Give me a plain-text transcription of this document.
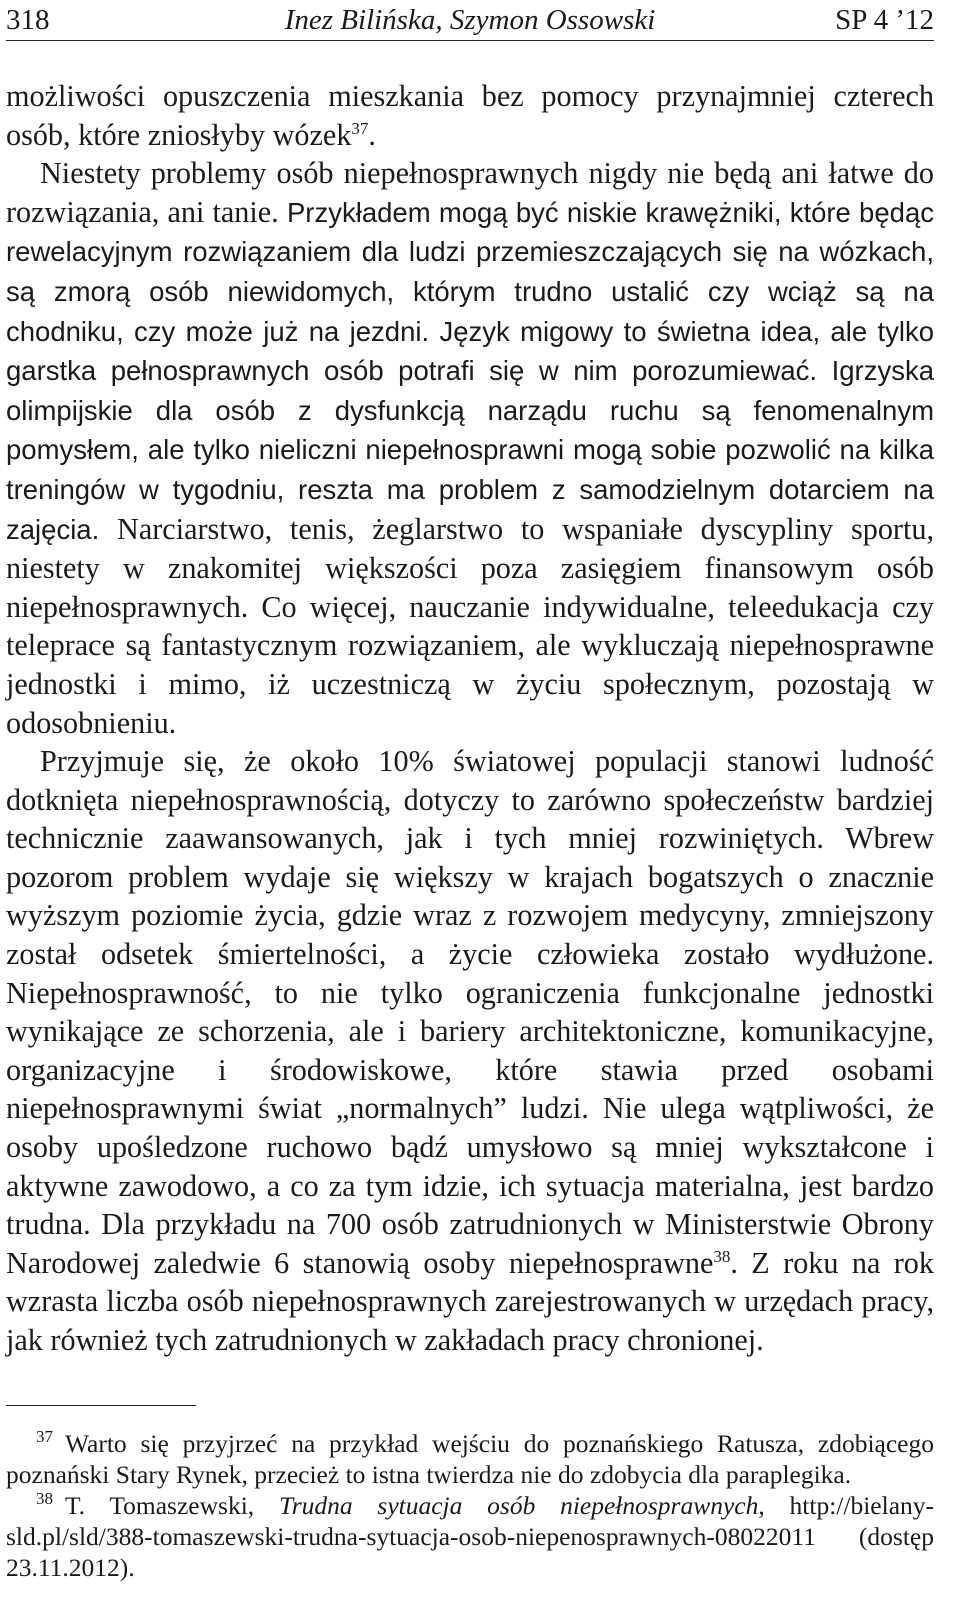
318	Inez Bilińska, Szymon Ossowski	SP 4 ’12

możliwości opuszczenia mieszkania bez pomocy przynajmniej czterech osób, które zniosłyby wózek$^{37}$.

Niestety problemy osób niepełnosprawnych nigdy nie będą ani łatwe do rozwiązania, ani tanie. Przykładem mogą być niskie krawężniki, które będąc rewelacyjnym rozwiązaniem dla ludzi przemieszczających się na wózkach, są zmorą osób niewidomych, którym trudno ustalić czy wciąż są na chodniku, czy może już na jezdni. Język migowy to świetna idea, ale tylko garstka pełnosprawnych osób potrafi się w nim porozumiewać. Igrzyska olimpijskie dla osób z dysfunkcją narządu ruchu są fenomenalnym pomysłem, ale tylko nieliczni niepełnosprawni mogą sobie pozwolić na kilka treningów w tygodniu, reszta ma problem z samodzielnym dotarciem na zajęcia. Narciarstwo, tenis, żeglarstwo to wspaniałe dyscypliny sportu, niestety w znakomitej większości poza zasięgiem finansowym osób niepełnosprawnych. Co więcej, nauczanie indywidualne, teleedukacja czy teleprace są fantastycznym rozwiązaniem, ale wykluczają niepełnosprawne jednostki i mimo, iż uczestniczą w życiu społecznym, pozostają w odosobnieniu.

Przyjmuje się, że około 10% światowej populacji stanowi ludność dotknięta niepełnosprawnością, dotyczy to zarówno społeczeństw bardziej technicznie zaawansowanych, jak i tych mniej rozwiniętych. Wbrew pozorom problem wydaje się większy w krajach bogatszych o znacznie wyższym poziomie życia, gdzie wraz z rozwojem medycyny, zmniejszony został odsetek śmiertelności, a życie człowieka zostało wydłużone. Niepełnosprawność, to nie tylko ograniczenia funkcjonalne jednostki wynikające ze schorzenia, ale i bariery architektoniczne, komunikacyjne, organizacyjne i środowiskowe, które stawia przed osobami niepełnosprawnymi świat „normalnych” ludzi. Nie ulega wątpliwości, że osoby upośledzone ruchowo bądź umysłowo są mniej wykształcone i aktywne zawodowo, a co za tym idzie, ich sytuacja materialna, jest bardzo trudna. Dla przykładu na 700 osób zatrudnionych w Ministerstwie Obrony Narodowej zaledwie 6 stanowią osoby niepełnosprawne$^{38}$. Z roku na rok wzrasta liczba osób niepełnosprawnych zarejestrowanych w urzędach pracy, jak również tych zatrudnionych w zakładach pracy chronionej.

$^{37}$ Warto się przyjrzeć na przykład wejściu do poznańskiego Ratusza, zdobiącego poznański Stary Rynek, przecież to istna twierdza nie do zdobycia dla paraplegika.

$^{38}$ T. Tomaszewski, Trudna sytuacja osób niepełnosprawnych, http://bielany-sld.pl/sld/388-tomaszewski-trudna-sytuacja-osob-niepenosprawnych-08022011 (dostęp 23.11.2012).
